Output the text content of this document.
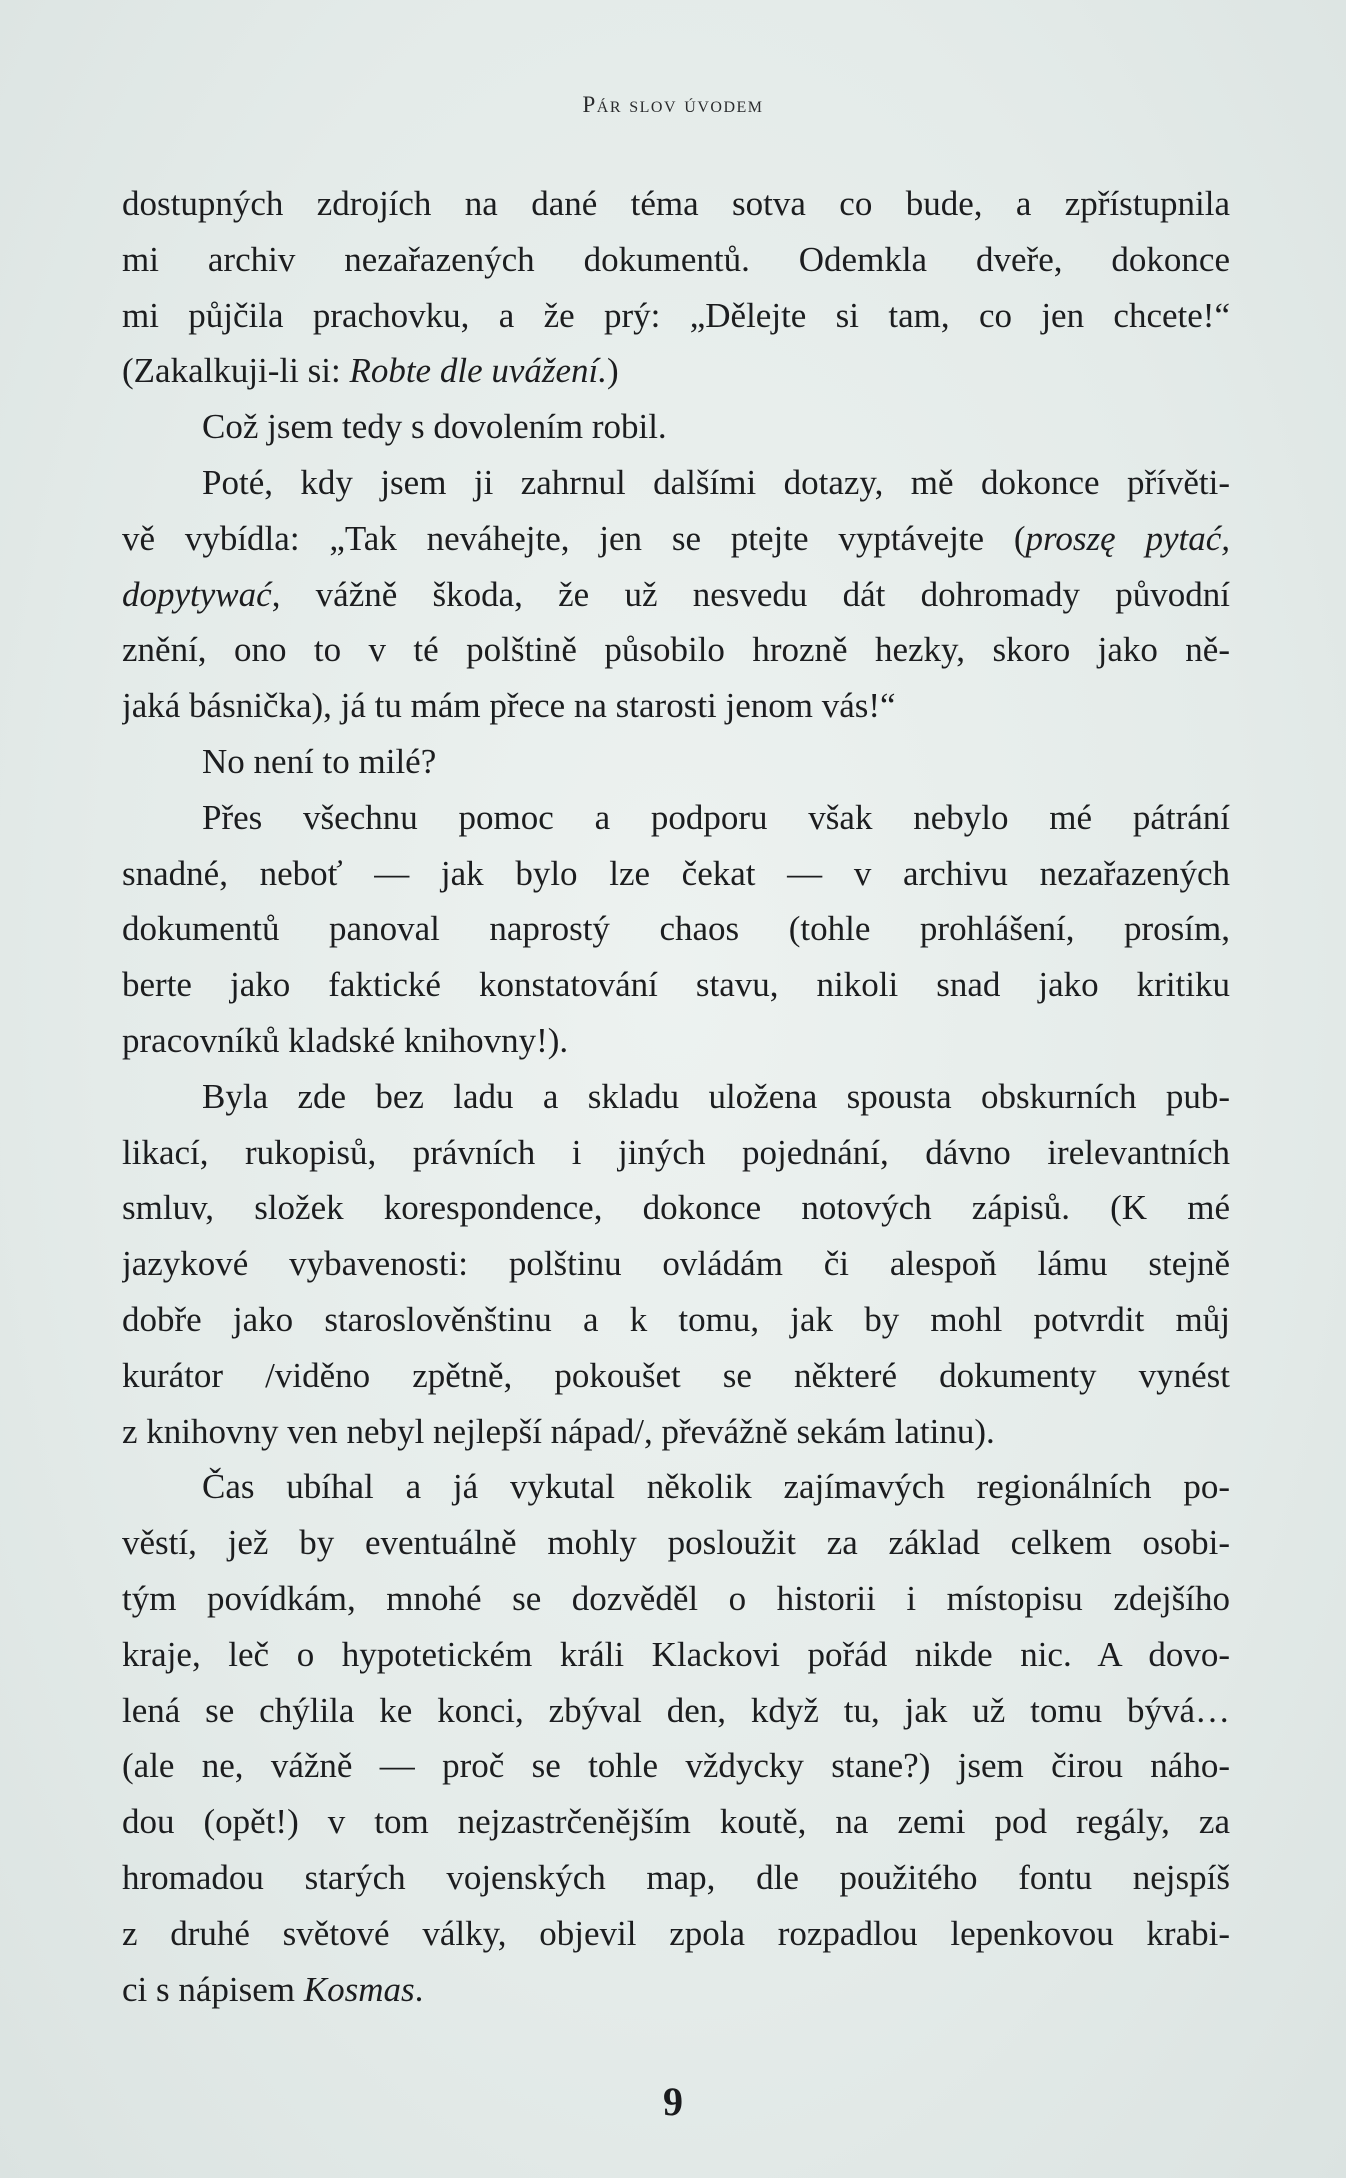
Pár slov úvodem
dostupných zdrojích na dané téma sotva co bude, a zpřístupnila
mi archiv nezařazených dokumentů. Odemkla dveře, dokonce
mi půjčila prachovku, a že prý: „Dělejte si tam, co jen chcete!“
(Zakalkuji-li si: Robte dle uvážení.)
Což jsem tedy s dovolením robil.
Poté, kdy jsem ji zahrnul dalšími dotazy, mě dokonce přívěti-
vě vybídla: „Tak neváhejte, jen se ptejte vyptávejte (proszę pytać,
dopytywać, vážně škoda, že už nesvedu dát dohromady původní
znění, ono to v té polštině působilo hrozně hezky, skoro jako ně-
jaká básnička), já tu mám přece na starosti jenom vás!“
No není to milé?
Přes všechnu pomoc a podporu však nebylo mé pátrání
snadné, neboť — jak bylo lze čekat — v archivu nezařazených
dokumentů panoval naprostý chaos (tohle prohlášení, prosím,
berte jako faktické konstatování stavu, nikoli snad jako kritiku
pracovníků kladské knihovny!).
Byla zde bez ladu a skladu uložena spousta obskurních pub-
likací, rukopisů, právních i jiných pojednání, dávno irelevantních
smluv, složek korespondence, dokonce notových zápisů. (K mé
jazykové vybavenosti: polštinu ovládám či alespoň lámu stejně
dobře jako staroslověnštinu a k tomu, jak by mohl potvrdit můj
kurátor /viděno zpětně, pokoušet se některé dokumenty vynést
z knihovny ven nebyl nejlepší nápad/, převážně sekám latinu).
Čas ubíhal a já vykutal několik zajímavých regionálních po-
věstí, jež by eventuálně mohly posloužit za základ celkem osobi-
tým povídkám, mnohé se dozvěděl o historii i místopisu zdejšího
kraje, leč o hypotetickém králi Klackovi pořád nikde nic. A dovo-
lená se chýlila ke konci, zbýval den, když tu, jak už tomu bývá…
(ale ne, vážně — proč se tohle vždycky stane?) jsem čirou náho-
dou (opět!) v tom nejzastrčenějším koutě, na zemi pod regály, za
hromadou starých vojenských map, dle použitého fontu nejspíš
z druhé světové války, objevil zpola rozpadlou lepenkovou krabi-
ci s nápisem Kosmas.
9
